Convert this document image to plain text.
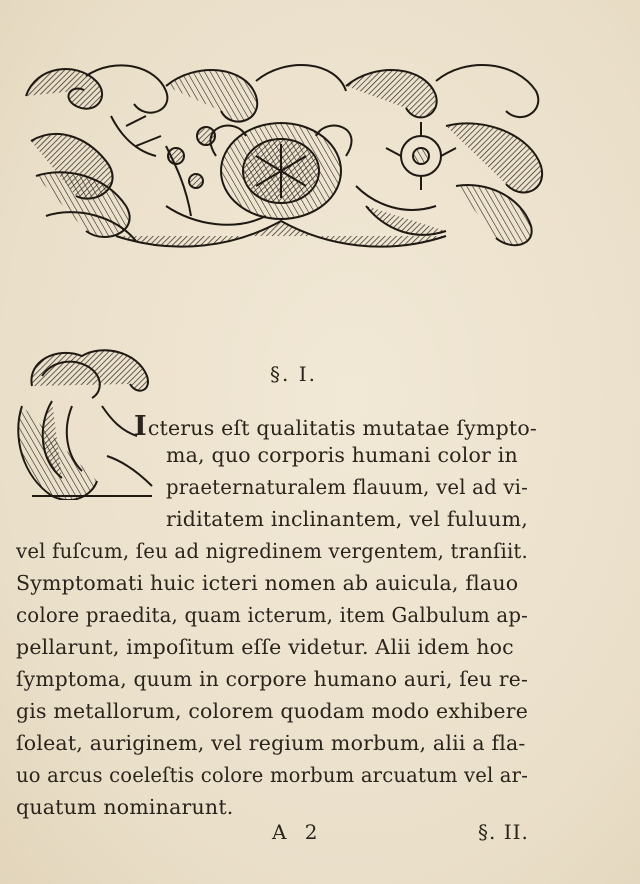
§. I.
Icterus eſt qualitatis mutatae ſympto-
ma, quo corporis humani color in
praeternaturalem flauum, vel ad vi-
riditatem inclinantem, vel fuluum,
vel fuſcum, ſeu ad nigredinem vergentem, tranſiit.
Symptomati huic icteri nomen ab auicula, flauo
colore praedita, quam icterum, item Galbulum ap-
pellarunt, impoſitum eſſe videtur. Alii idem hoc
ſymptoma, quum in corpore humano auri, ſeu re-
gis metallorum, colorem quodam modo exhibere
ſoleat, auriginem, vel regium morbum, alii a fla-
uo arcus coeleſtis colore morbum arcuatum vel ar-
quatum nominarunt.
A 2	§. II.
